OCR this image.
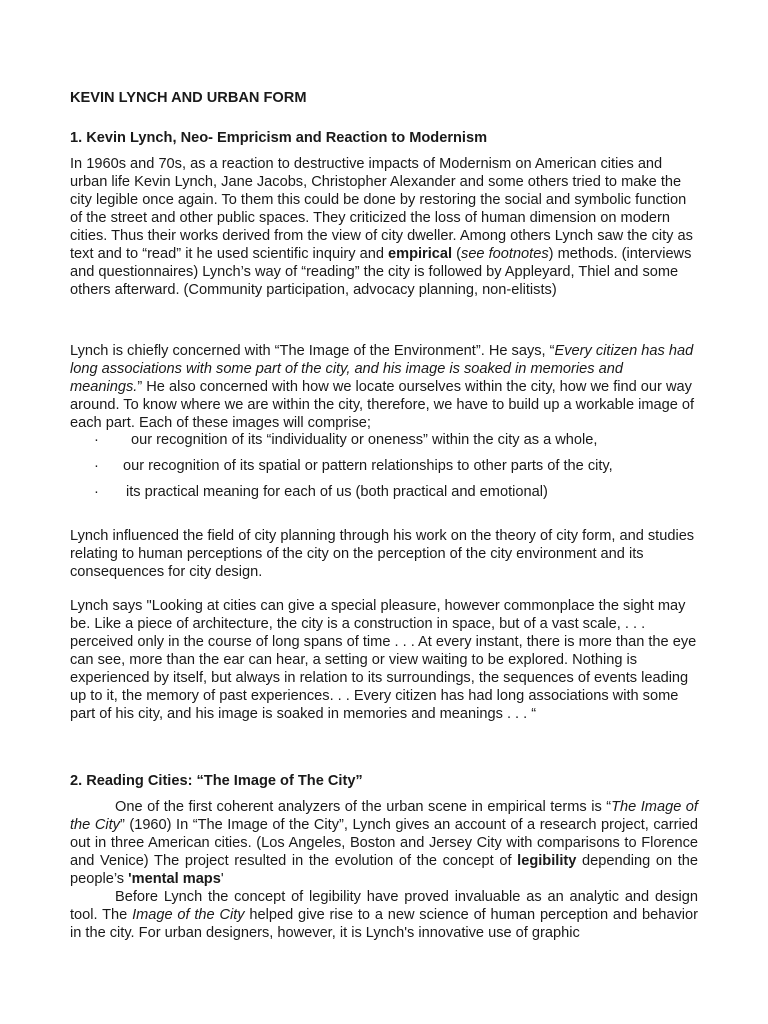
KEVIN LYNCH AND URBAN FORM
1. Kevin Lynch, Neo- Empricism and Reaction to Modernism

In 1960s and 70s, as a reaction to destructive impacts of Modernism on American cities and urban life Kevin Lynch, Jane Jacobs, Christopher Alexander and some others tried to make the city legible once again. To them this could be done by restoring the social and symbolic function of the street and other public spaces. They criticized the loss of human dimension on modern cities. Thus their works derived from the view of city dweller. Among others Lynch saw the city as text and to “read” it he used scientific inquiry and empirical (see footnotes) methods. (interviews and questionnaires) Lynch’s way of “reading” the city is followed by Appleyard, Thiel and some others afterward. (Community participation, advocacy planning, non-elitists)

Lynch is chiefly concerned with “The Image of the Environment”. He says, “Every citizen has had long associations with some part of the city, and his image is soaked in memories and meanings.” He also concerned with how we locate ourselves within the city, how we find our way around. To know where we are within the city, therefore, we have to build up a workable image of each part. Each of these images will comprise;

· our recognition of its “individuality or oneness” within the city as a whole,
· our recognition of its spatial or pattern relationships to other parts of the city,
· its practical meaning for each of us (both practical and emotional)

Lynch influenced the field of city planning through his work on the theory of city form, and studies relating to human perceptions of the city on the perception of the city environment and its consequences for city design.

Lynch says "Looking at cities can give a special pleasure, however commonplace the sight may be. Like a piece of architecture, the city is a construction in space, but of a vast scale, . . . perceived only in the course of long spans of time . . . At every instant, there is more than the eye can see, more than the ear can hear, a setting or view waiting to be explored. Nothing is experienced by itself, but always in relation to its surroundings, the sequences of events leading up to it, the memory of past experiences. . . Every citizen has had long associations with some part of his city, and his image is soaked in memories and meanings . . . “

2. Reading Cities: “The Image of The City”

One of the first coherent analyzers of the urban scene in empirical terms is “The Image of the City” (1960) In “The Image of the City”, Lynch gives an account of a research project, carried out in three American cities. (Los Angeles, Boston and Jersey City with comparisons to Florence and Venice) The project resulted in the evolution of the concept of legibility depending on the people’s 'mental maps'

Before Lynch the concept of legibility have proved invaluable as an analytic and design tool. The Image of the City helped give rise to a new science of human perception and behavior in the city. For urban designers, however, it is Lynch's innovative use of graphic
